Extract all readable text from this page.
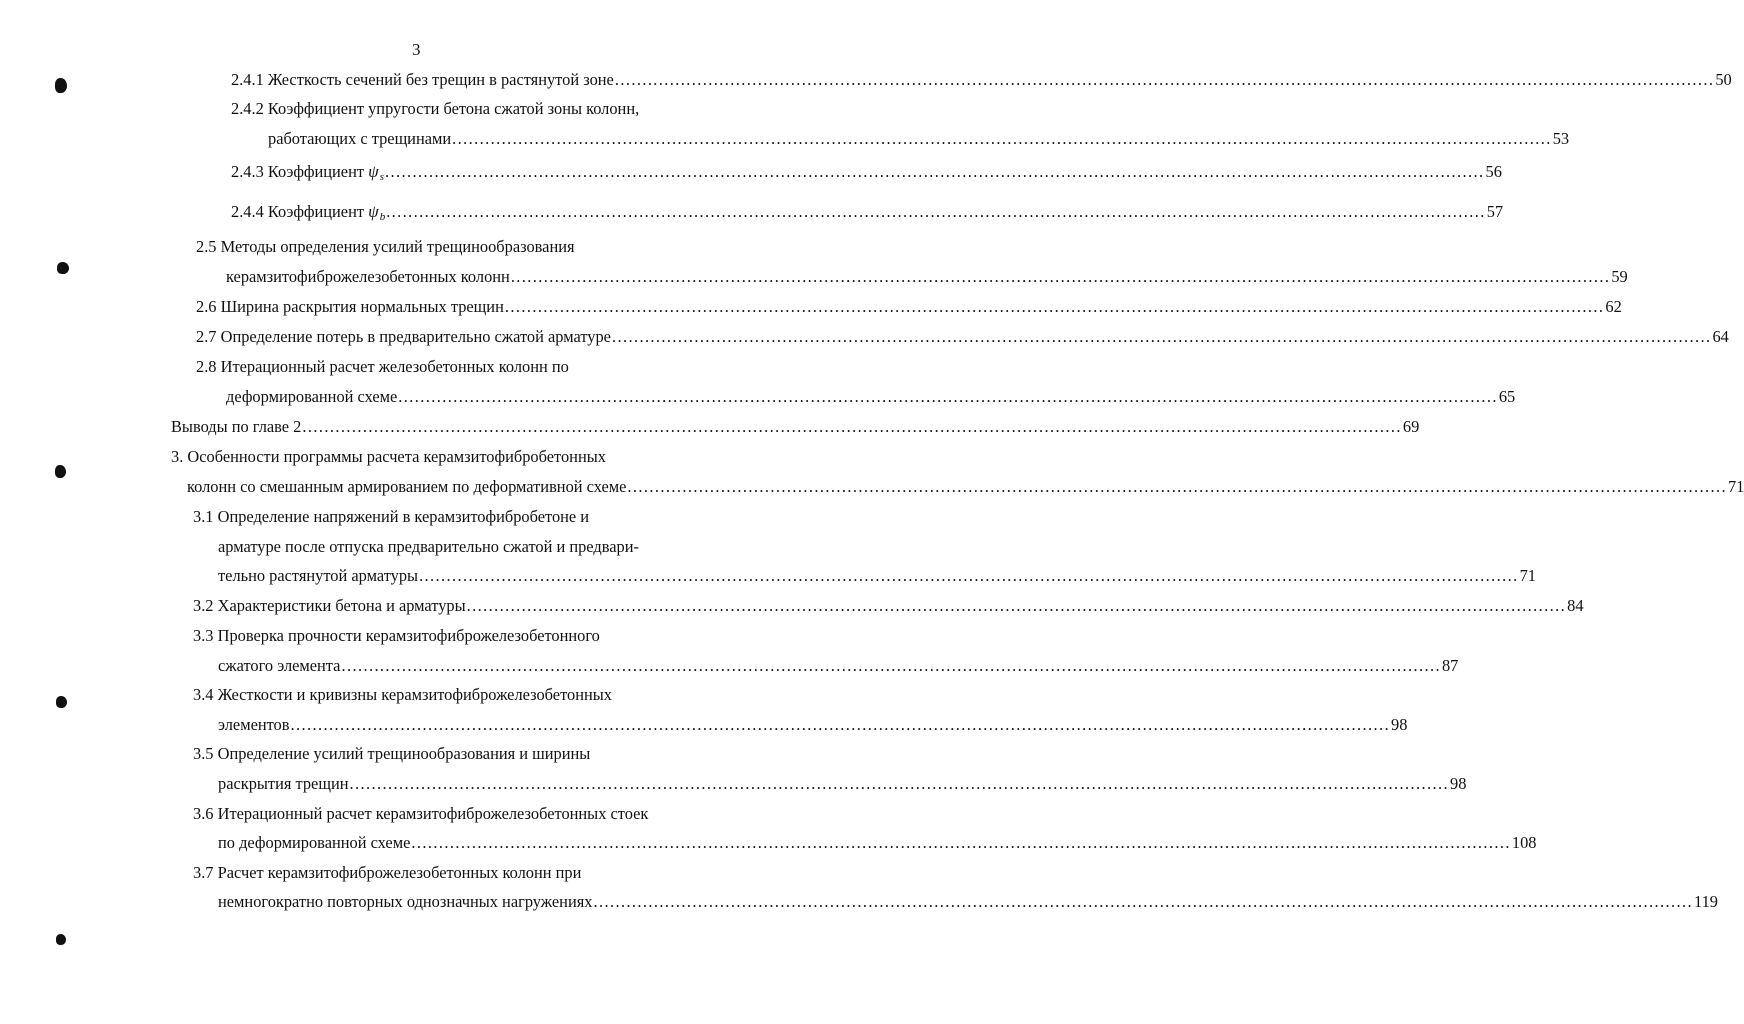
3
2.4.1 Жесткость сечений без трещин в растянутой зоне ........................................................................................................................................................................................................ 50
2.4.2 Коэффициент упругости бетона сжатой зоны колонн,
работающих с трещинами ........................................................................................................................................................................................................ 53
2.4.3 Коэффициент $\psi_s$ ........................................................................................................................................................................................................ 56
2.4.4 Коэффициент $\psi_b$ ........................................................................................................................................................................................................ 57
2.5 Методы определения усилий трещинообразования
керамзитофиброжелезобетонных колонн ........................................................................................................................................................................................................ 59
2.6 Ширина раскрытия нормальных трещин ........................................................................................................................................................................................................ 62
2.7 Определение потерь в предварительно сжатой арматуре ........................................................................................................................................................................................................ 64
2.8 Итерационный расчет железобетонных колонн по
деформированной схеме ........................................................................................................................................................................................................ 65
Выводы по главе 2 ........................................................................................................................................................................................................ 69
3. Особенности программы расчета керамзитофибробетонных
колонн со смешанным армированием по деформативной схеме ........................................................................................................................................................................................................ 71
3.1 Определение напряжений в керамзитофибробетоне и
арматуре после отпуска предварительно сжатой и предвари-
тельно растянутой арматуры ........................................................................................................................................................................................................ 71
3.2 Характеристики бетона и арматуры ........................................................................................................................................................................................................ 84
3.3 Проверка прочности керамзитофиброжелезобетонного
сжатого элемента ........................................................................................................................................................................................................ 87
3.4 Жесткости и кривизны керамзитофиброжелезобетонных
элементов ........................................................................................................................................................................................................ 98
3.5 Определение усилий трещинообразования и ширины
раскрытия трещин ........................................................................................................................................................................................................ 98
3.6 Итерационный расчет керамзитофиброжелезобетонных стоек
по деформированной схеме ........................................................................................................................................................................................................ 108
3.7 Расчет керамзитофиброжелезобетонных колонн при
немногократно повторных однозначных нагружениях ........................................................................................................................................................................................................ 119
